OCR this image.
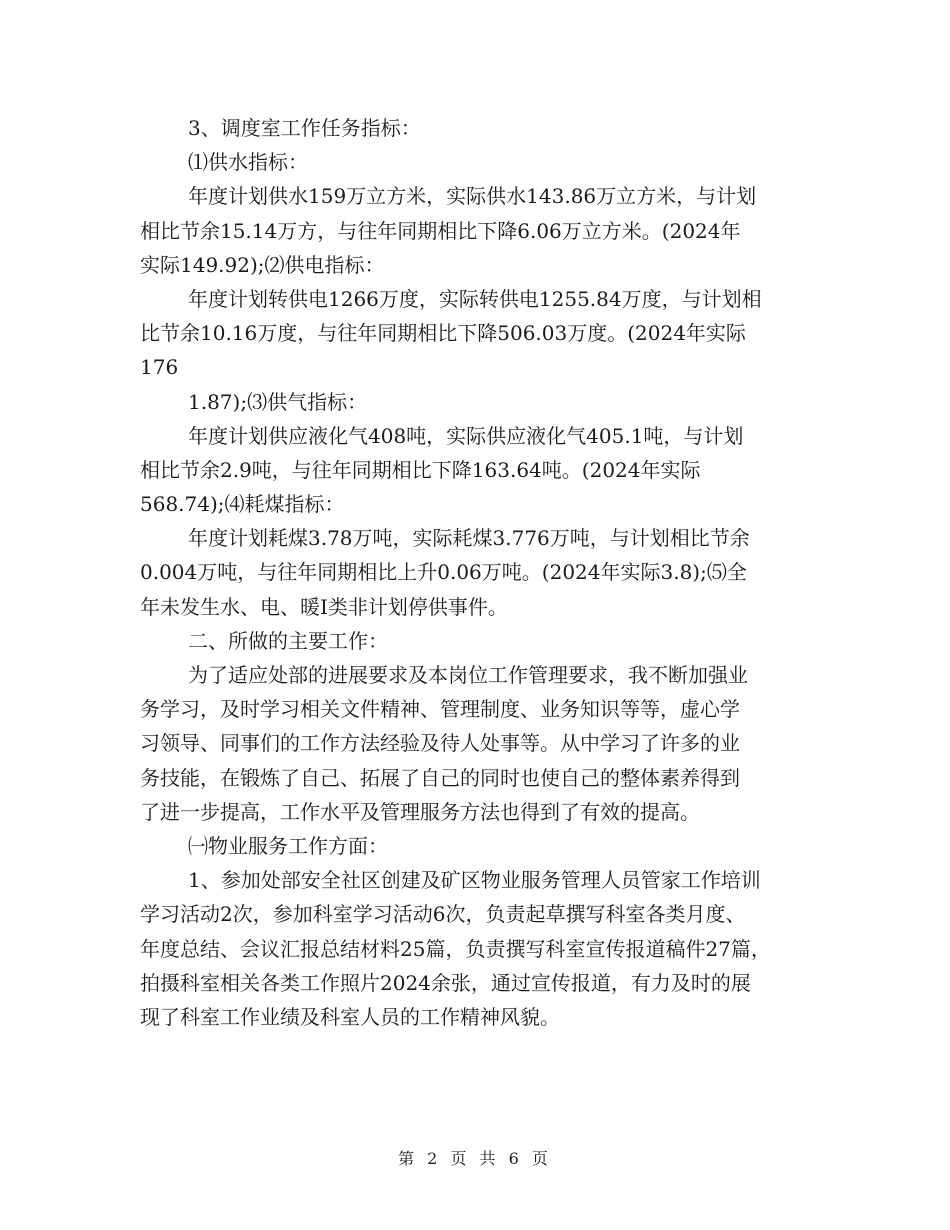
3、调度室工作任务指标：
⑴供水指标：
年度计划供水159万立方米，实际供水143.86万立方米，与计划
相比节余15.14万方，与往年同期相比下降6.06万立方米。(2024年
实际149.92);⑵供电指标：
年度计划转供电1266万度，实际转供电1255.84万度，与计划相
比节余10.16万度，与往年同期相比下降506.03万度。(2024年实际
176
1.87);⑶供气指标：
年度计划供应液化气408吨，实际供应液化气405.1吨，与计划
相比节余2.9吨，与往年同期相比下降163.64吨。(2024年实际
568.74);⑷耗煤指标：
年度计划耗煤3.78万吨，实际耗煤3.776万吨，与计划相比节余
0.004万吨，与往年同期相比上升0.06万吨。(2024年实际3.8);⑸全
年未发生水、电、暖Ⅰ类非计划停供事件。
二、所做的主要工作：
为了适应处部的进展要求及本岗位工作管理要求，我不断加强业
务学习，及时学习相关文件精神、管理制度、业务知识等等，虚心学
习领导、同事们的工作方法经验及待人处事等。从中学习了许多的业
务技能，在锻炼了自己、拓展了自己的同时也使自己的整体素养得到
了进一步提高，工作水平及管理服务方法也得到了有效的提高。
㈠物业服务工作方面：
1、参加处部安全社区创建及矿区物业服务管理人员管家工作培训
学习活动2次，参加科室学习活动6次，负责起草撰写科室各类月度、
年度总结、会议汇报总结材料25篇，负责撰写科室宣传报道稿件27篇，
拍摄科室相关各类工作照片2024余张，通过宣传报道，有力及时的展
现了科室工作业绩及科室人员的工作精神风貌。
第 2 页 共 6 页
